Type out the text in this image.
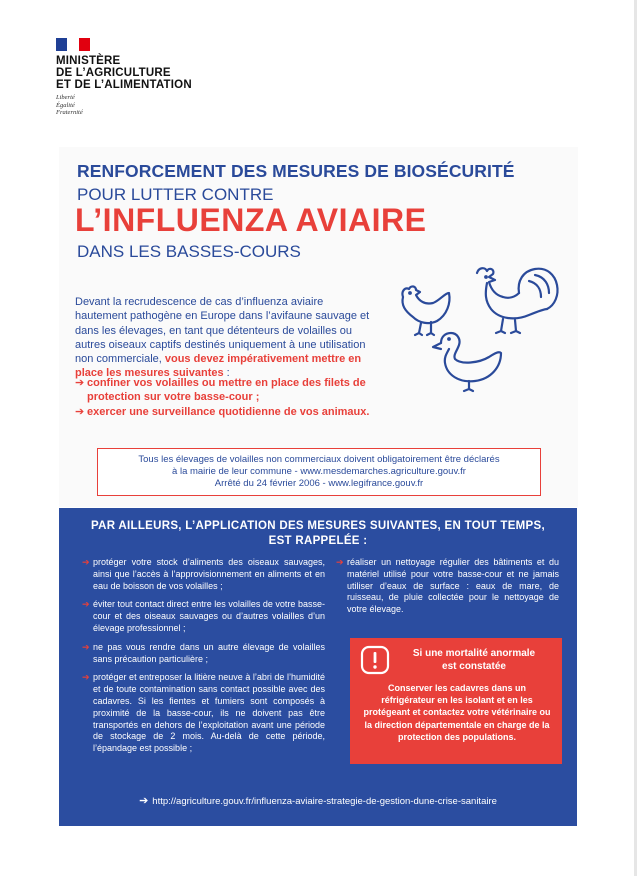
MINISTÈRE
DE L’AGRICULTURE
ET DE L’ALIMENTATION
Liberté
Égalité
Fraternité
RENFORCEMENT DES MESURES DE BIOSÉCURITÉ
POUR LUTTER CONTRE
L’INFLUENZA AVIAIRE
DANS LES BASSES-COURS
Devant la recrudescence de cas d’influenza aviaire hautement pathogène en Europe dans l’avifaune sauvage et dans les élevages, en tant que détenteurs de volailles ou autres oiseaux captifs destinés uniquement à une utilisation non commerciale, vous devez impérativement mettre en place les mesures suivantes :
➔ confiner vos volailles ou mettre en place des filets de protection sur votre basse-cour ;
➔ exercer une surveillance quotidienne de vos animaux.
Tous les élevages de volailles non commerciaux doivent obligatoirement être déclarés
à la mairie de leur commune - www.mesdemarches.agriculture.gouv.fr
Arrêté du 24 février 2006 - www.legifrance.gouv.fr
PAR AILLEURS, L’APPLICATION DES MESURES SUIVANTES, EN TOUT TEMPS,
EST RAPPELÉE :
➔ protéger votre stock d’aliments des oiseaux sauvages, ainsi que l’accès à l’approvisionnement en aliments et en eau de boisson de vos volailles ;
➔ éviter tout contact direct entre les volailles de votre basse-cour et des oiseaux sauvages ou d’autres volailles d’un élevage professionnel ;
➔ ne pas vous rendre dans un autre élevage de volailles sans précaution particulière ;
➔ protéger et entreposer la litière neuve à l’abri de l’humidité et de toute contamination sans contact possible avec des cadavres. Si les fientes et fumiers sont composés à proximité de la basse-cour, ils ne doivent pas être transportés en dehors de l’exploitation avant une période de stockage de 2 mois. Au-delà de cette période, l’épandage est possible ;
➔ réaliser un nettoyage régulier des bâtiments et du matériel utilisé pour votre basse-cour et ne jamais utiliser d’eaux de surface : eaux de mare, de ruisseau, de pluie collectée pour le nettoyage de votre élevage.
Si une mortalité anormale
est constatée
Conserver les cadavres dans un réfrigérateur en les isolant et en les protégeant et contactez votre vétérinaire ou la direction départementale en charge de la protection des populations.
➔ http://agriculture.gouv.fr/influenza-aviaire-strategie-de-gestion-dune-crise-sanitaire
